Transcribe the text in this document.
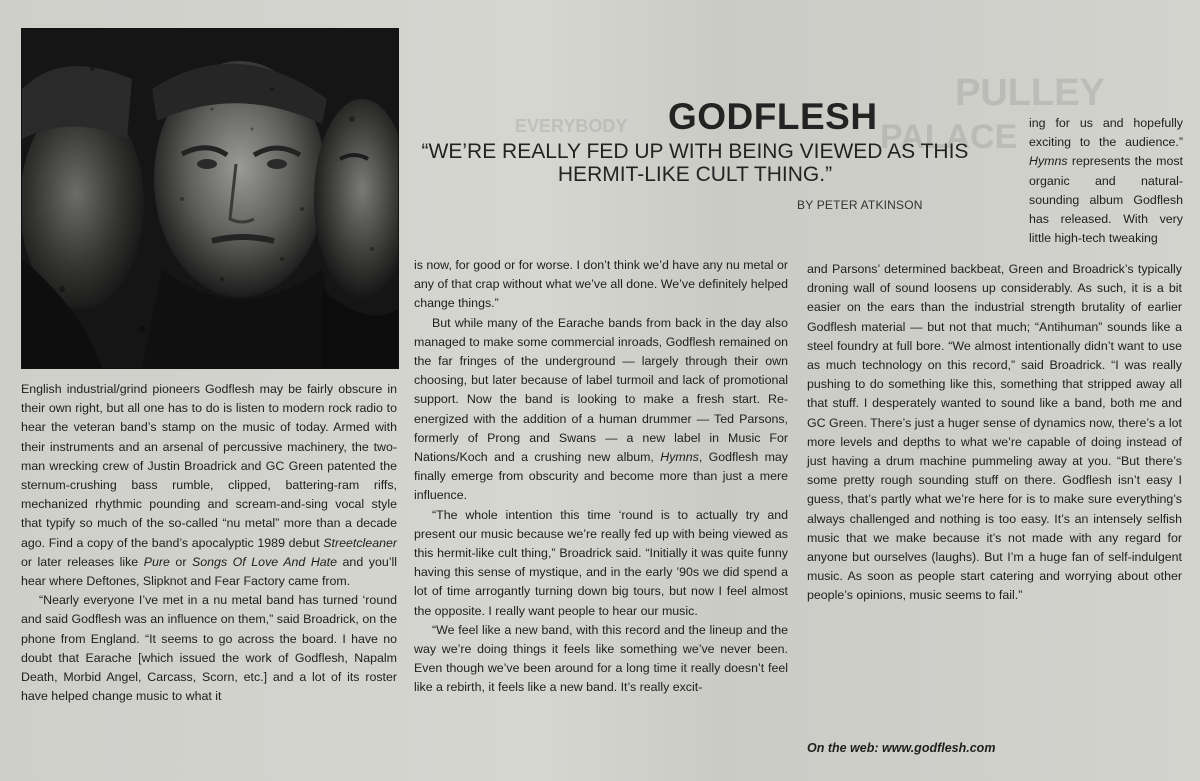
PULLEY
PALACE
EVERYBODY GODFLESH
“WE’RE REALLY FED UP WITH BEING VIEWED AS THIS HERMIT-LIKE CULT THING.”
BY PETER ATKINSON

English industrial/grind pioneers Godflesh may be fairly obscure in their own right, but all one has to do is listen to modern rock radio to hear the veteran band’s stamp on the music of today. Armed with their instruments and an arsenal of percussive machinery, the two-man wrecking crew of Justin Broadrick and GC Green patented the sternum-crushing bass rumble, clipped, battering-ram riffs, mechanized rhythmic pounding and scream-and-sing vocal style that typify so much of the so-called “nu metal” more than a decade ago. Find a copy of the band’s apocalyptic 1989 debut Streetcleaner or later releases like Pure or Songs Of Love And Hate and you’ll hear where Deftones, Slipknot and Fear Factory came from.

“Nearly everyone I’ve met in a nu metal band has turned ‘round and said Godflesh was an influence on them,” said Broadrick, on the phone from England. “It seems to go across the board. I have no doubt that Earache [which issued the work of Godflesh, Napalm Death, Morbid Angel, Carcass, Scorn, etc.] and a lot of its roster have helped change music to what it

is now, for good or for worse. I don’t think we’d have any nu metal or any of that crap without what we’ve all done. We’ve definitely helped change things.”

But while many of the Earache bands from back in the day also managed to make some commercial inroads, Godflesh remained on the far fringes of the underground — largely through their own choosing, but later because of label turmoil and lack of promotional support. Now the band is looking to make a fresh start. Re-energized with the addition of a human drummer — Ted Parsons, formerly of Prong and Swans — a new label in Music For Nations/Koch and a crushing new album, Hymns, Godflesh may finally emerge from obscurity and become more than just a mere influence.

“The whole intention this time ‘round is to actually try and present our music because we’re really fed up with being viewed as this hermit-like cult thing,” Broadrick said. “Initially it was quite funny having this sense of mystique, and in the early ’90s we did spend a lot of time arrogantly turning down big tours, but now I feel almost the opposite. I really want people to hear our music.

“We feel like a new band, with this record and the lineup and the way we’re doing things it feels like something we’ve never been. Even though we’ve been around for a long time it really doesn’t feel like a rebirth, it feels like a new band. It’s really excit-

ing for us and hopefully exciting to the audience.” Hymns represents the most organic and natural-sounding album Godflesh has released. With very little high-tech tweaking

and Parsons’ determined backbeat, Green and Broadrick’s typically droning wall of sound loosens up considerably. As such, it is a bit easier on the ears than the industrial strength brutality of earlier Godflesh material — but not that much; “Antihuman” sounds like a steel foundry at full bore. “We almost intentionally didn’t want to use as much technology on this record,” said Broadrick. “I was really pushing to do something like this, something that stripped away all that stuff. I desperately wanted to sound like a band, both me and GC Green. There’s just a huger sense of dynamics now, there’s a lot more levels and depths to what we’re capable of doing instead of just having a drum machine pummeling away at you. “But there’s some pretty rough sounding stuff on there. Godflesh isn’t easy I guess, that’s partly what we’re here for is to make sure everything’s always challenged and nothing is too easy. It’s an intensely selfish music that we make because it’s not made with any regard for anyone but ourselves (laughs). But I’m a huge fan of self-indulgent music. As soon as people start catering and worrying about other people’s opinions, music seems to fail.”

On the web: www.godflesh.com
